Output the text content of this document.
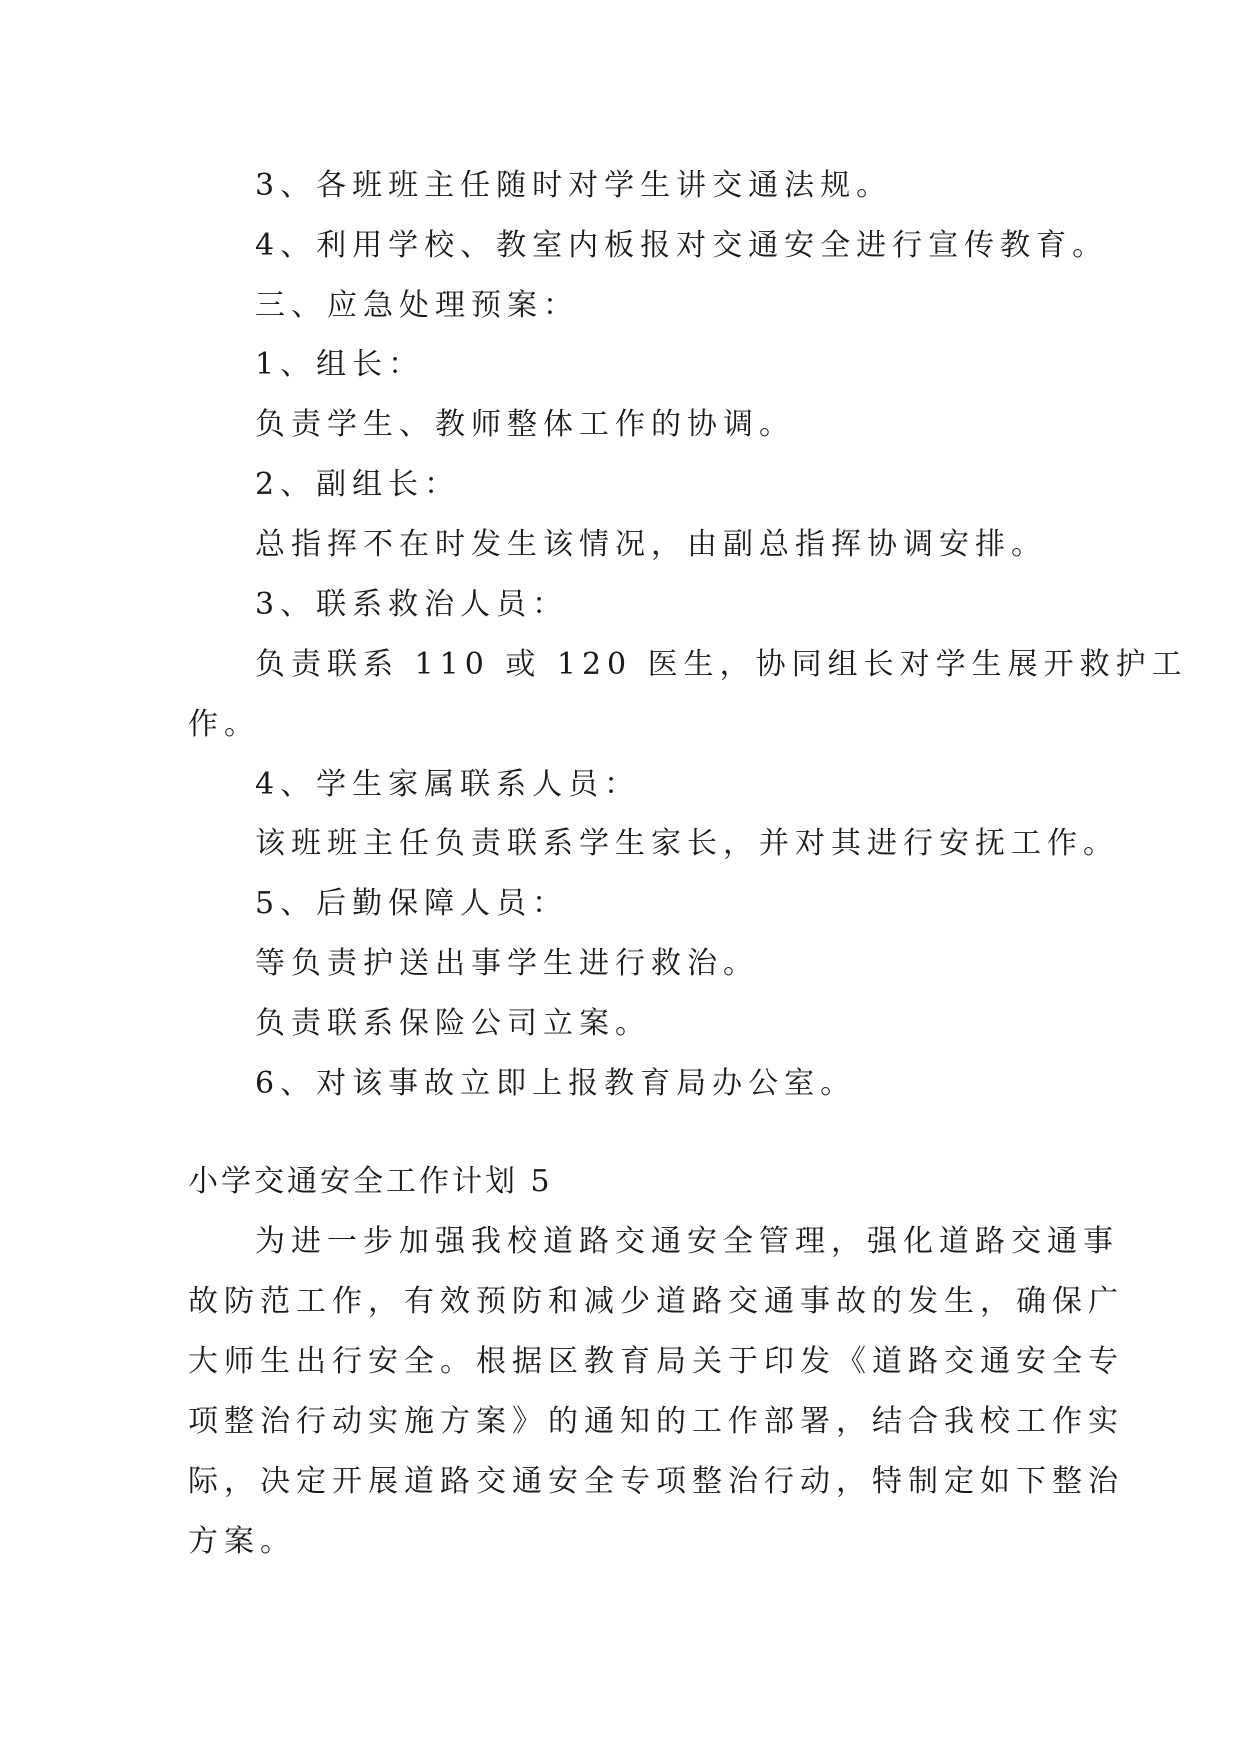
3、各班班主任随时对学生讲交通法规。
4、利用学校、教室内板报对交通安全进行宣传教育。
三、应急处理预案：
1、组长：
负责学生、教师整体工作的协调。
2、副组长：
总指挥不在时发生该情况，由副总指挥协调安排。
3、联系救治人员：
负责联系 110 或 120 医生，协同组长对学生展开救护工
作。
4、学生家属联系人员：
该班班主任负责联系学生家长，并对其进行安抚工作。
5、后勤保障人员：
等负责护送出事学生进行救治。
负责联系保险公司立案。
6、对该事故立即上报教育局办公室。
小学交通安全工作计划 5
为进一步加强我校道路交通安全管理，强化道路交通事
故防范工作，有效预防和减少道路交通事故的发生，确保广
大师生出行安全。根据区教育局关于印发《道路交通安全专
项整治行动实施方案》的通知的工作部署，结合我校工作实
际，决定开展道路交通安全专项整治行动，特制定如下整治
方案。
